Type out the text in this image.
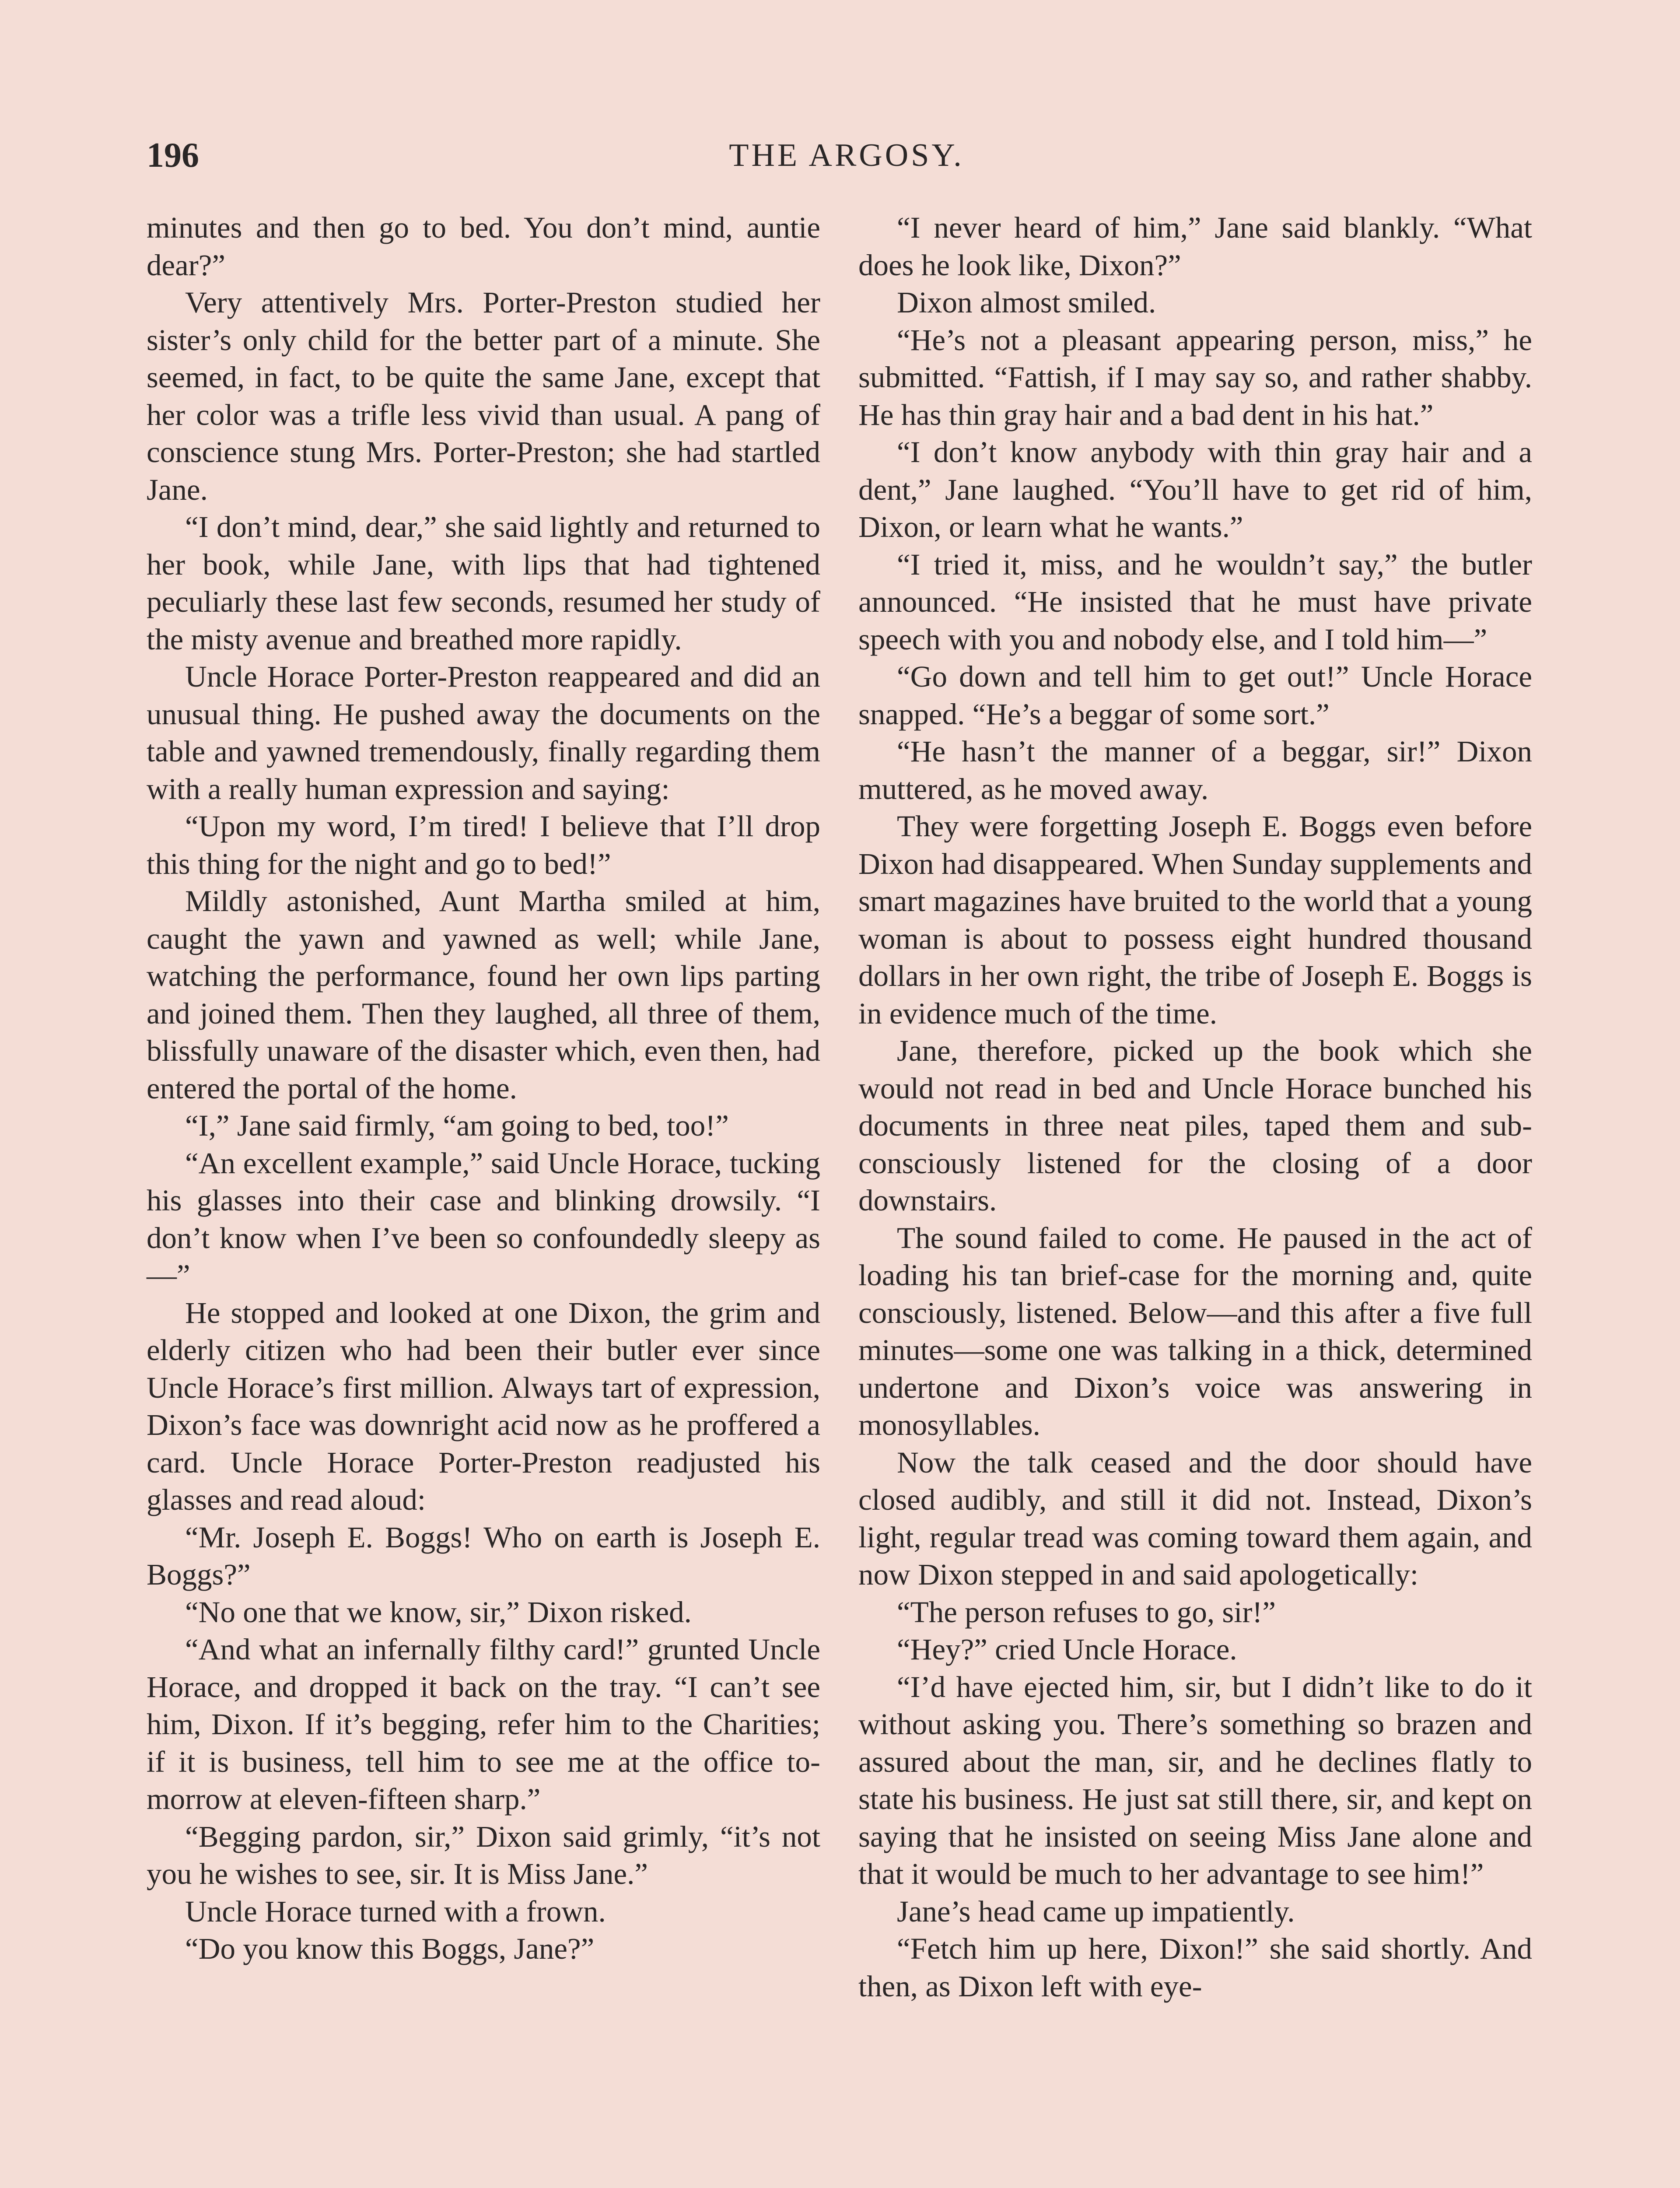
196	THE ARGOSY.

minutes and then go to bed. You don’t mind, auntie dear?”

Very attentively Mrs. Porter-Preston studied her sister’s only child for the better part of a minute. She seemed, in fact, to be quite the same Jane, except that her color was a trifle less vivid than usual. A pang of conscience stung Mrs. Porter-Preston; she had startled Jane.

“I don’t mind, dear,” she said lightly and returned to her book, while Jane, with lips that had tightened peculiarly these last few seconds, resumed her study of the misty avenue and breathed more rapidly.

Uncle Horace Porter-Preston reappeared and did an unusual thing. He pushed away the documents on the table and yawned tremendously, finally regarding them with a really human expression and saying:

“Upon my word, I’m tired! I believe that I’ll drop this thing for the night and go to bed!”

Mildly astonished, Aunt Martha smiled at him, caught the yawn and yawned as well; while Jane, watching the performance, found her own lips parting and joined them. Then they laughed, all three of them, blissfully unaware of the disaster which, even then, had entered the portal of the home.

“I,” Jane said firmly, “am going to bed, too!”

“An excellent example,” said Uncle Horace, tucking his glasses into their case and blinking drowsily. “I don’t know when I’ve been so confoundedly sleepy as—”

He stopped and looked at one Dixon, the grim and elderly citizen who had been their butler ever since Uncle Horace’s first million. Always tart of expression, Dixon’s face was downright acid now as he proffered a card. Uncle Horace Porter-Preston readjusted his glasses and read aloud:

“Mr. Joseph E. Boggs! Who on earth is Joseph E. Boggs?”

“No one that we know, sir,” Dixon risked.

“And what an infernally filthy card!” grunted Uncle Horace, and dropped it back on the tray. “I can’t see him, Dixon. If it’s begging, refer him to the Charities; if it is business, tell him to see me at the office to-morrow at eleven-fifteen sharp.”

“Begging pardon, sir,” Dixon said grimly, “it’s not you he wishes to see, sir. It is Miss Jane.”

Uncle Horace turned with a frown.

“Do you know this Boggs, Jane?”

“I never heard of him,” Jane said blankly. “What does he look like, Dixon?”

Dixon almost smiled.

“He’s not a pleasant appearing person, miss,” he submitted. “Fattish, if I may say so, and rather shabby. He has thin gray hair and a bad dent in his hat.”

“I don’t know anybody with thin gray hair and a dent,” Jane laughed. “You’ll have to get rid of him, Dixon, or learn what he wants.”

“I tried it, miss, and he wouldn’t say,” the butler announced. “He insisted that he must have private speech with you and nobody else, and I told him—”

“Go down and tell him to get out!” Uncle Horace snapped. “He’s a beggar of some sort.”

“He hasn’t the manner of a beggar, sir!” Dixon muttered, as he moved away.

They were forgetting Joseph E. Boggs even before Dixon had disappeared. When Sunday supplements and smart magazines have bruited to the world that a young woman is about to possess eight hundred thousand dollars in her own right, the tribe of Joseph E. Boggs is in evidence much of the time.

Jane, therefore, picked up the book which she would not read in bed and Uncle Horace bunched his documents in three neat piles, taped them and sub-consciously listened for the closing of a door downstairs.

The sound failed to come. He paused in the act of loading his tan brief-case for the morning and, quite consciously, listened. Below—and this after a five full minutes—some one was talking in a thick, determined undertone and Dixon’s voice was answering in monosyllables.

Now the talk ceased and the door should have closed audibly, and still it did not. Instead, Dixon’s light, regular tread was coming toward them again, and now Dixon stepped in and said apologetically:

“The person refuses to go, sir!”

“Hey?” cried Uncle Horace.

“I’d have ejected him, sir, but I didn’t like to do it without asking you. There’s something so brazen and assured about the man, sir, and he declines flatly to state his business. He just sat still there, sir, and kept on saying that he insisted on seeing Miss Jane alone and that it would be much to her advantage to see him!”

Jane’s head came up impatiently.

“Fetch him up here, Dixon!” she said shortly. And then, as Dixon left with eye-
